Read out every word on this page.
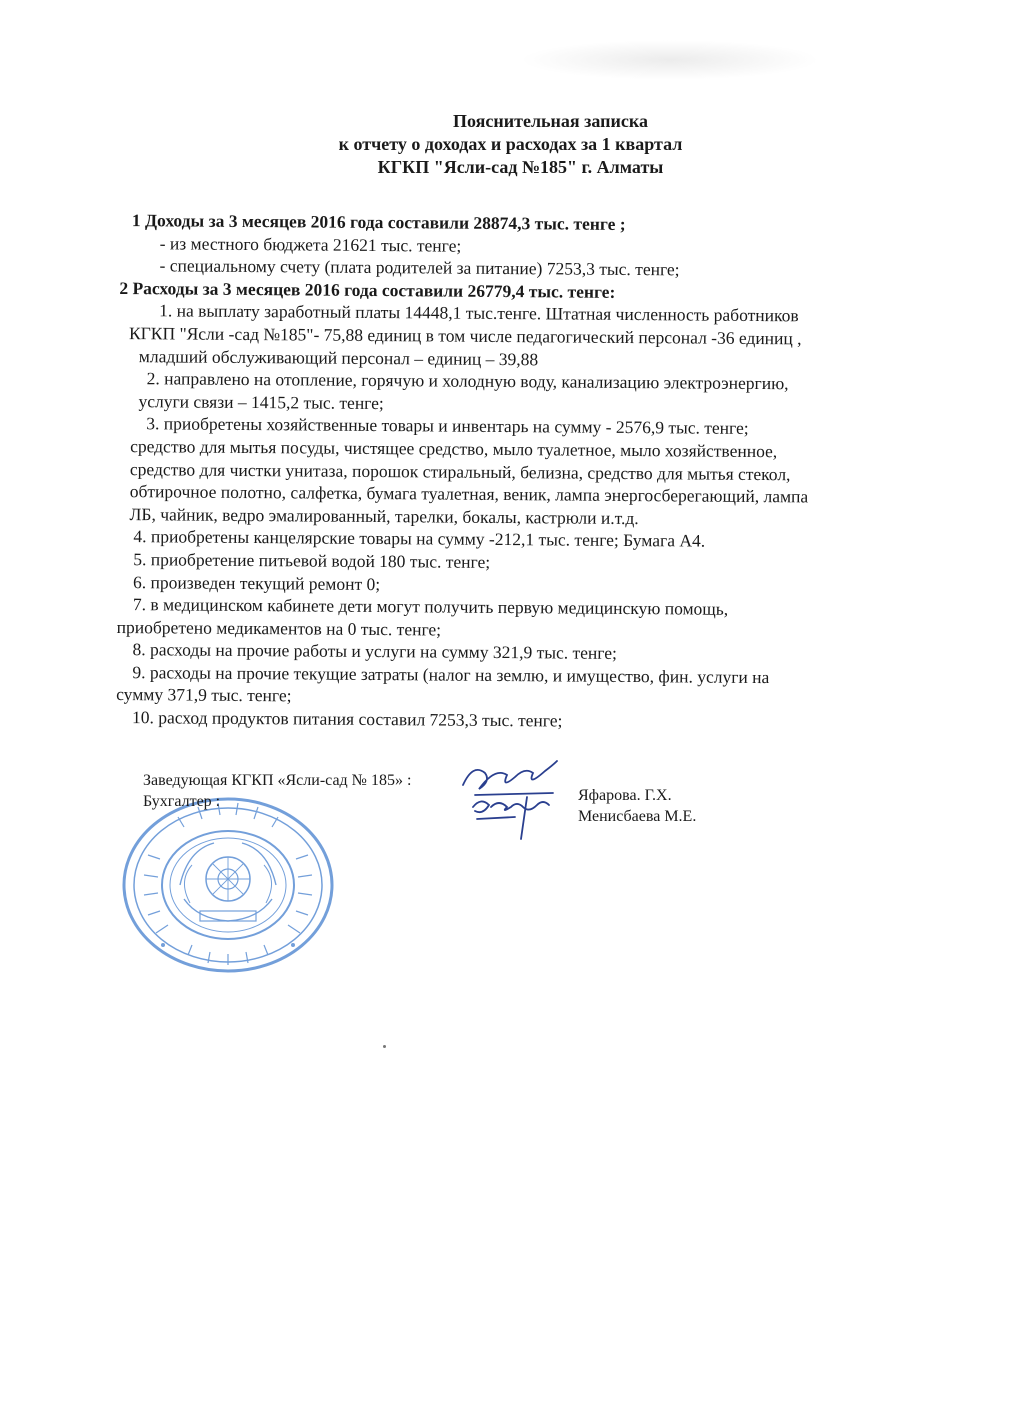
Пояснительная записка
к отчету о доходах и расходах за 1 квартал
КГКП "Ясли-сад №185" г. Алматы

1 Доходы за 3 месяцев 2016 года составили 28874,3 тыс. тенге ;

- из местного бюджета 21621 тыс. тенге;

- специальному счету (плата родителей за питание) 7253,3 тыс. тенге;

2 Расходы за 3 месяцев 2016 года составили 26779,4 тыс. тенге:

1. на выплату заработный платы 14448,1 тыс.тенге. Штатная численность работников

КГКП "Ясли -сад №185"- 75,88 единиц в том числе педагогический персонал -36 единиц ,

младший обслуживающий персонал – единиц – 39,88

2. направлено на отопление, горячую и холодную воду, канализацию электроэнергию,

услуги связи – 1415,2 тыс. тенге;

3. приобретены хозяйственные товары и инвентарь на сумму - 2576,9 тыс. тенге;

средство для мытья посуды, чистящее средство, мыло туалетное, мыло хозяйственное,

средство для чистки унитаза, порошок стиральный, белизна, средство для мытья стекол,

обтирочное полотно, салфетка, бумага туалетная, веник, лампа энергосберегающий, лампа

ЛБ, чайник, ведро эмалированный, тарелки, бокалы, кастрюли и.т.д.

4. приобретены канцелярские товары на сумму -212,1 тыс. тенге; Бумага А4.

5. приобретение питьевой водой 180 тыс. тенге;

6. произведен текущий ремонт 0;

7. в медицинском кабинете дети могут получить первую медицинскую помощь,

приобретено медикаментов на 0 тыс. тенге;

8. расходы на прочие работы и услуги на сумму 321,9 тыс. тенге;

9. расходы на прочие текущие затраты (налог на землю, и имущество, фин. услуги на

сумму 371,9 тыс. тенге;

10. расход продуктов питания составил 7253,3 тыс. тенге;

Заведующая КГКП «Ясли-сад № 185» :
Бухгалтер :	Яфарова. Г.Х.
Менисбаева М.Е.
